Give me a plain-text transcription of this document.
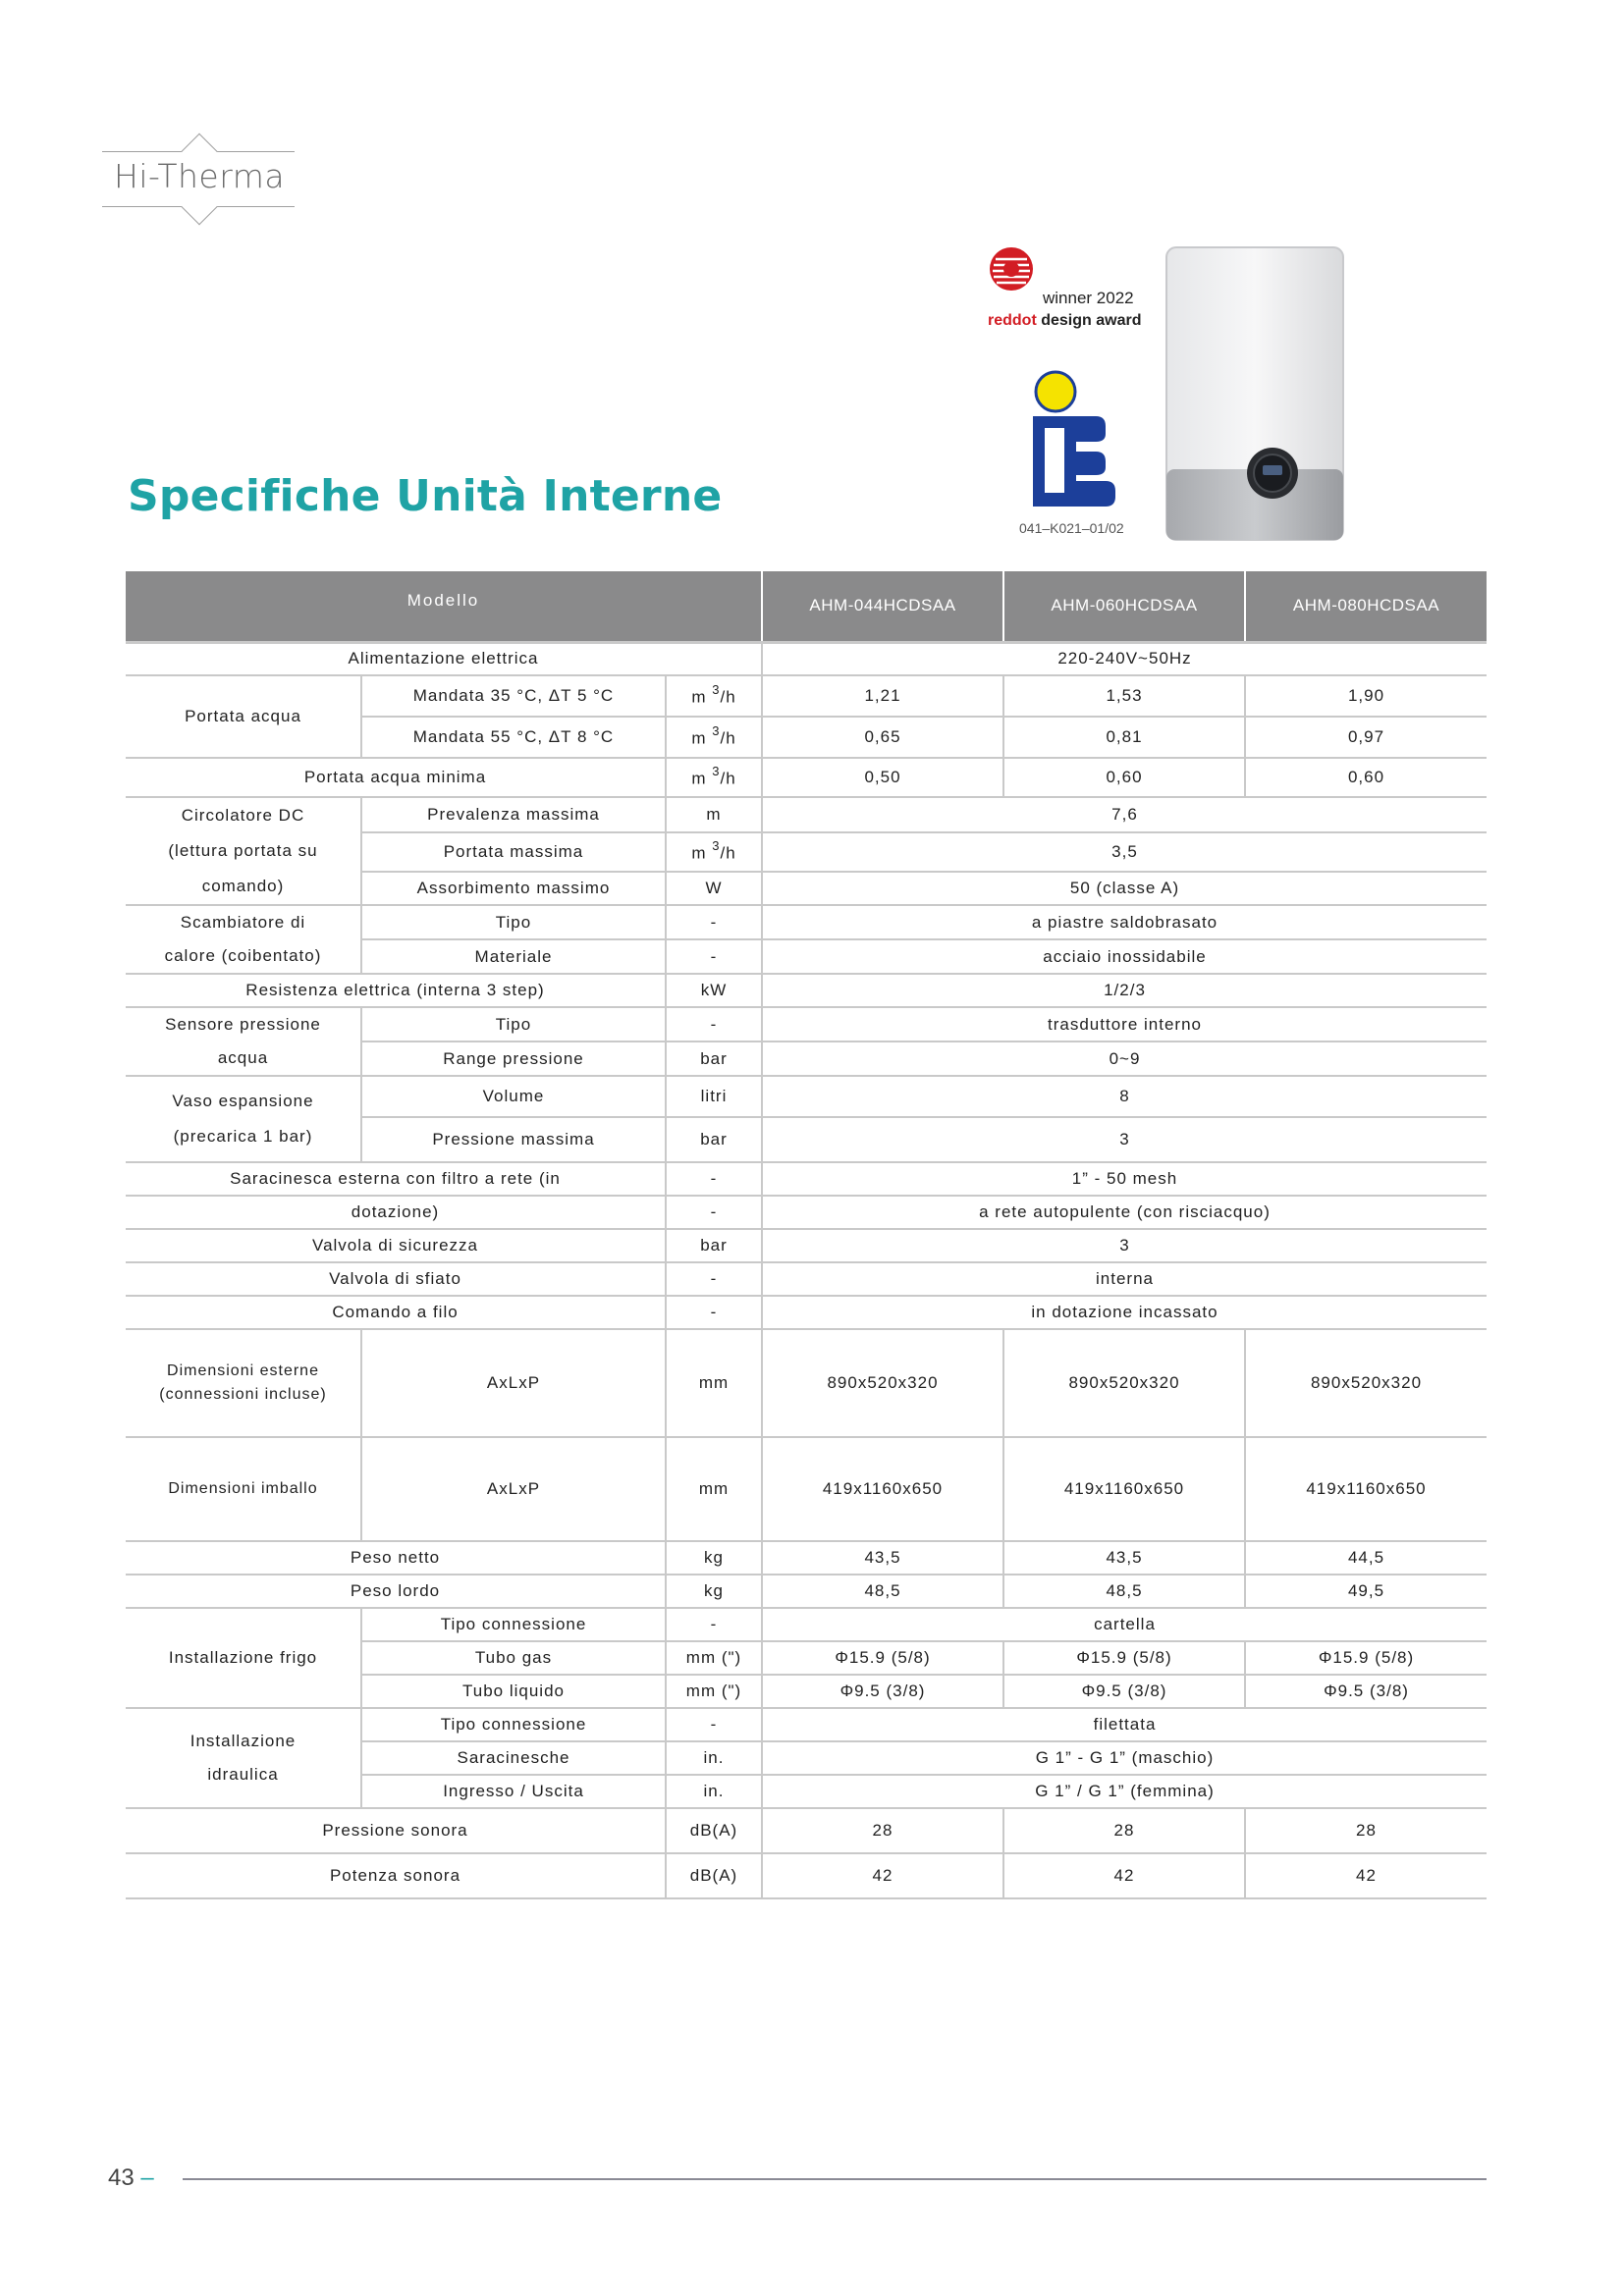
Hi-Therma
winner 2022
reddot design award
041–K021–01/02
Specifiche Unità Interne
Modello			AHM-044HCDSAA	AHM-060HCDSAA	AHM-080HCDSAA
Alimentazione elettrica			220-240V~50Hz		
Portata acqua	Mandata 35 °C, ΔT 5 °C	m $^3$/h	1,21	1,53	1,90
	Mandata 55 °C, ΔT 8 °C	m $^3$/h	0,65	0,81	0,97
Portata acqua minima		m $^3$/h	0,50	0,60	0,60

Circolatore DC
(lettura portata su
comando)	Prevalenza massima	m	7,6		
	Portata massima	m $^3$/h	3,5		
	Assorbimento massimo	W	50 (classe A)		

Scambiatore di
calore (coibentato)	Tipo	-	a piastre saldobrasato		
	Materiale	-	acciaio inossidabile		
Resistenza elettrica (interna 3 step)		kW	1/2/3		

Sensore pressione
acqua	Tipo	-	trasduttore interno		
	Range pressione	bar	0~9		

Vaso espansione
(precarica 1 bar)	Volume	litri	8		
	Pressione massima	bar	3		
Saracinesca esterna con filtro a rete (in		-	1” - 50 mesh		
dotazione)		-	a rete autopulente (con risciacquo)		
Valvola di sicurezza		bar	3		
Valvola di sfiato		-	interna		
Comando a filo		-	in dotazione incassato		

Dimensioni esterne
(connessioni incluse)	AxLxP	mm	890x520x320	890x520x320	890x520x320
Dimensioni imballo	AxLxP	mm	419x1160x650	419x1160x650	419x1160x650
Peso netto		kg	43,5	43,5	44,5
Peso lordo		kg	48,5	48,5	49,5
Installazione frigo	Tipo connessione	-	cartella		
	Tubo gas	mm (")	Φ15.9 (5/8)	Φ15.9 (5/8)	Φ15.9 (5/8)
	Tubo liquido	mm (")	Φ9.5 (3/8)	Φ9.5 (3/8)	Φ9.5 (3/8)

Installazione
idraulica	Tipo connessione	-	filettata		
	Saracinesche	in.	G 1” - G 1” (maschio)		
	Ingresso / Uscita	in.	G 1” / G 1” (femmina)		
Pressione sonora		dB(A)	28	28	28
Potenza sonora		dB(A)	42	42	42
43 –
